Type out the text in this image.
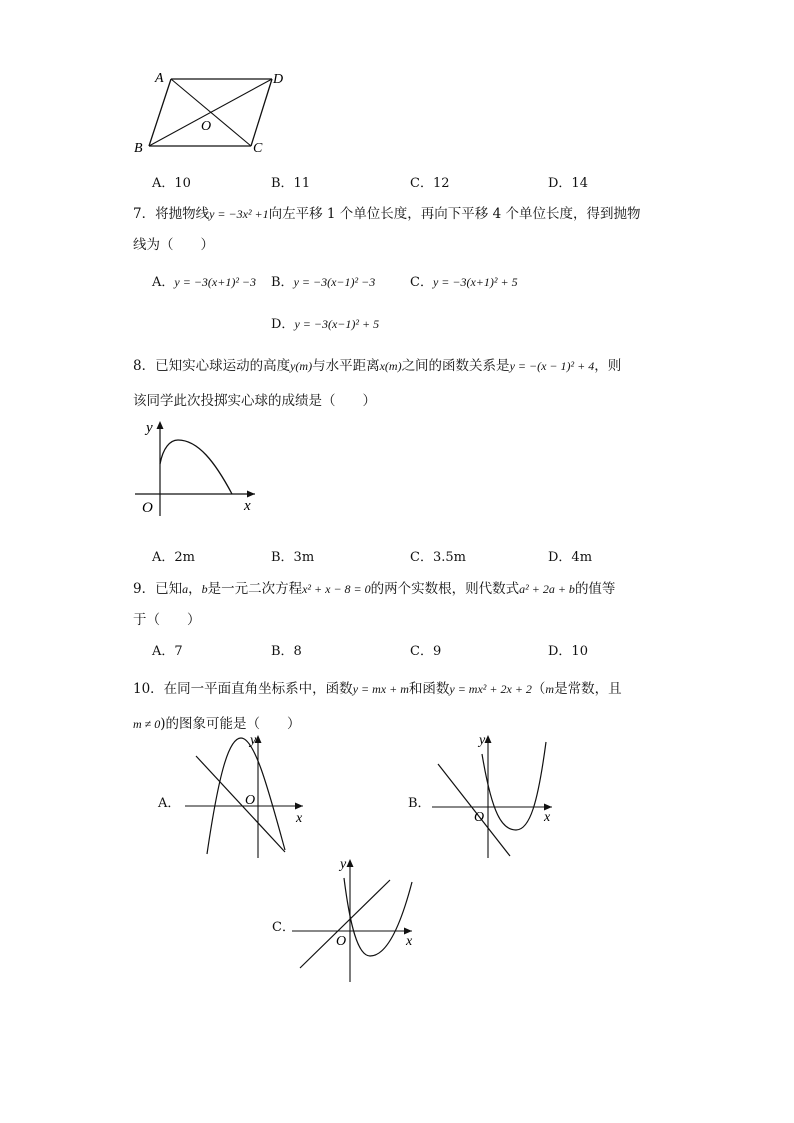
A	D
B	C
O
A．10	B．11	C．12	D．14
7．将抛物线y = −3x² +1向左平移 1 个单位长度，再向下平移 4 个单位长度，得到抛物
线为（　　）
A．y = −3(x+1)² −3 B．y = −3(x−1)² −3	C．y = −3(x+1)² + 5
D．y = −3(x−1)² + 5
8．已知实心球运动的高度y(m)与水平距离x(m)之间的函数关系是y = −(x − 1)² + 4，则
该同学此次投掷实心球的成绩是（　　）
y
x
O
A．2m	B．3m	C．3.5m	D．4m
9．已知a，b是一元二次方程x² + x − 8 = 0的两个实数根，则代数式a² + 2a + b的值等
于（　　）
A．7	B．8	C．9	D．10
10．在同一平面直角坐标系中，函数y = mx + m和函数y = mx² + 2x + 2（m是常数，且
m ≠ 0)的图象可能是（　　）
A．
y
x
O	B．
y
x
O
C．
y
x
O
